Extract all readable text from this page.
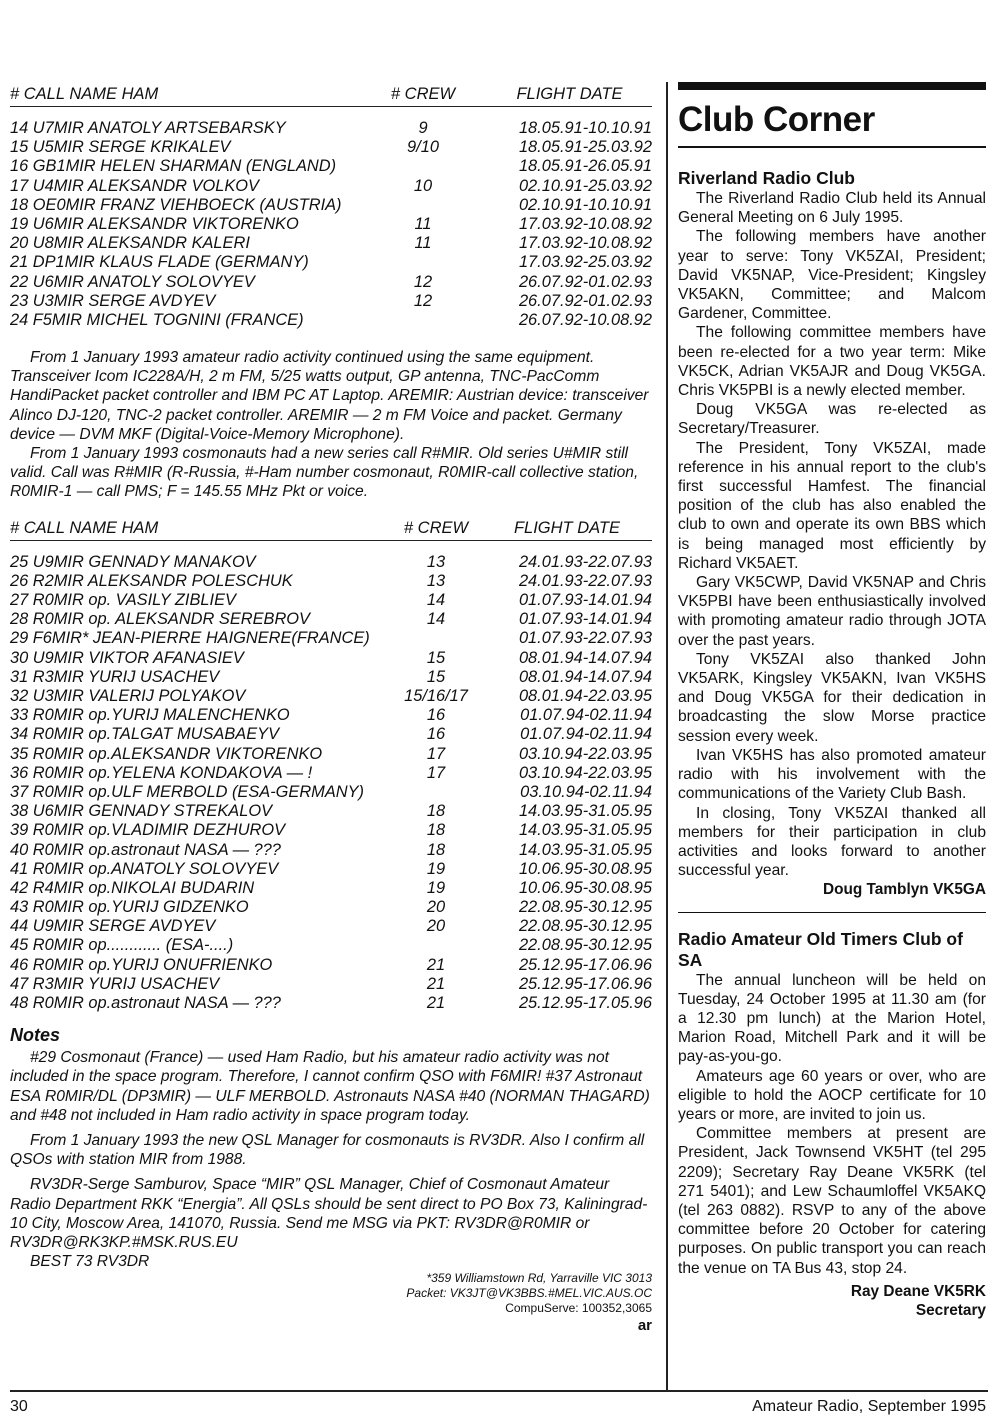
# CALL NAME HAM	# CREW	FLIGHT DATE
14 U7MIR ANATOLY ARTSEBARSKY	9	18.05.91-10.10.91
15 U5MIR SERGE KRIKALEV	9/10	18.05.91-25.03.92
16 GB1MIR HELEN SHARMAN (ENGLAND)	18.05.91-26.05.91
17 U4MIR ALEKSANDR VOLKOV	10	02.10.91-25.03.92
18 OE0MIR FRANZ VIEHBOECK (AUSTRIA)	02.10.91-10.10.91
19 U6MIR ALEKSANDR VIKTORENKO	11	17.03.92-10.08.92
20 U8MIR ALEKSANDR KALERI	11	17.03.92-10.08.92
21 DP1MIR KLAUS FLADE (GERMANY)	17.03.92-25.03.92
22 U6MIR ANATOLY SOLOVYEV	12	26.07.92-01.02.93
23 U3MIR SERGE AVDYEV	12	26.07.92-01.02.93
24 F5MIR MICHEL TOGNINI (FRANCE)	26.07.92-10.08.92

From 1 January 1993 amateur radio activity continued using the same equipment. Transceiver Icom IC228A/H, 2 m FM, 5/25 watts output, GP antenna, TNC-PacComm HandiPacket packet controller and IBM PC AT Laptop. AREMIR: Austrian device: transceiver Alinco DJ-120, TNC-2 packet controller. AREMIR — 2 m FM Voice and packet. Germany device — DVM MKF (Digital-Voice-Memory Microphone).

From 1 January 1993 cosmonauts had a new series call R#MIR. Old series U#MIR still valid. Call was R#MIR (R-Russia, #-Ham number cosmonaut, R0MIR-call collective station, R0MIR-1 — call PMS; F = 145.55 MHz Pkt or voice.

# CALL NAME HAM	# CREW	FLIGHT DATE
25 U9MIR GENNADY MANAKOV	13	24.01.93-22.07.93
26 R2MIR ALEKSANDR POLESCHUK	13	24.01.93-22.07.93
27 R0MIR op. VASILY ZIBLIEV	14	01.07.93-14.01.94
28 R0MIR op. ALEKSANDR SEREBROV	14	01.07.93-14.01.94
29 F6MIR* JEAN-PIERRE HAIGNERE(FRANCE)	01.07.93-22.07.93
30 U9MIR VIKTOR AFANASIEV	15	08.01.94-14.07.94
31 R3MIR YURIJ USACHEV	15	08.01.94-14.07.94
32 U3MIR VALERIJ POLYAKOV	15/16/17	08.01.94-22.03.95
33 R0MIR op.YURIJ MALENCHENKO	16	01.07.94-02.11.94
34 R0MIR op.TALGAT MUSABAEYV	16	01.07.94-02.11.94
35 R0MIR op.ALEKSANDR VIKTORENKO	17	03.10.94-22.03.95
36 R0MIR op.YELENA KONDAKOVA — !	17	03.10.94-22.03.95
37 R0MIR op.ULF MERBOLD (ESA-GERMANY)	03.10.94-02.11.94
38 U6MIR GENNADY STREKALOV	18	14.03.95-31.05.95
39 R0MIR op.VLADIMIR DEZHUROV	18	14.03.95-31.05.95
40 R0MIR op.astronaut NASA — ???	18	14.03.95-31.05.95
41 R0MIR op.ANATOLY SOLOVYEV	19	10.06.95-30.08.95
42 R4MIR op.NIKOLAI BUDARIN	19	10.06.95-30.08.95
43 R0MIR op.YURIJ GIDZENKO	20	22.08.95-30.12.95
44 U9MIR SERGE AVDYEV	20	22.08.95-30.12.95
45 R0MIR op............ (ESA-....)	22.08.95-30.12.95
46 R0MIR op.YURIJ ONUFRIENKO	21	25.12.95-17.06.96
47 R3MIR YURIJ USACHEV	21	25.12.95-17.06.96
48 R0MIR op.astronaut NASA — ???	21	25.12.95-17.05.96
Notes

#29 Cosmonaut (France) — used Ham Radio, but his amateur radio activity was not included in the space program. Therefore, I cannot confirm QSO with F6MIR! #37 Astronaut ESA R0MIR/DL (DP3MIR) — ULF MERBOLD. Astronauts NASA #40 (NORMAN THAGARD) and #48 not included in Ham radio activity in space program today.

From 1 January 1993 the new QSL Manager for cosmonauts is RV3DR. Also I confirm all QSOs with station MIR from 1988.

RV3DR-Serge Samburov, Space “MIR” QSL Manager, Chief of Cosmonaut Amateur Radio Department RKK “Energia”. All QSLs should be sent direct to PO Box 73, Kaliningrad-10 City, Moscow Area, 141070, Russia. Send me MSG via PKT: RV3DR@R0MIR or RV3DR@RK3KP.#MSK.RUS.EU

BEST 73 RV3DR

*359 Williamstown Rd, Yarraville VIC 3013
Packet: VK3JT@VK3BBS.#MEL.VIC.AUS.OC
CompuServe: 100352,3065
ar
Club Corner
Riverland Radio Club

The Riverland Radio Club held its Annual General Meeting on 6 July 1995.

The following members have another year to serve: Tony VK5ZAI, President; David VK5NAP, Vice-President; Kingsley VK5AKN, Committee; and Malcom Gardener, Committee.

The following committee members have been re-elected for a two year term: Mike VK5CK, Adrian VK5AJR and Doug VK5GA. Chris VK5PBI is a newly elected member.

Doug VK5GA was re-elected as Secretary/Treasurer.

The President, Tony VK5ZAI, made reference in his annual report to the club's first successful Hamfest. The financial position of the club has also enabled the club to own and operate its own BBS which is being managed most efficiently by Richard VK5AET.

Gary VK5CWP, David VK5NAP and Chris VK5PBI have been enthusiastically involved with promoting amateur radio through JOTA over the past years.

Tony VK5ZAI also thanked John VK5ARK, Kingsley VK5AKN, Ivan VK5HS and Doug VK5GA for their dedication in broadcasting the slow Morse practice session every week.

Ivan VK5HS has also promoted amateur radio with his involvement with the communications of the Variety Club Bash.

In closing, Tony VK5ZAI thanked all members for their participation in club activities and looks forward to another successful year.

Doug Tamblyn VK5GA
Radio Amateur Old Timers Club of SA

The annual luncheon will be held on Tuesday, 24 October 1995 at 11.30 am (for a 12.30 pm lunch) at the Marion Hotel, Marion Road, Mitchell Park and it will be pay-as-you-go.

Amateurs age 60 years or over, who are eligible to hold the AOCP certificate for 10 years or more, are invited to join us.

Committee members at present are President, Jack Townsend VK5HT (tel 295 2209); Secretary Ray Deane VK5RK (tel 271 5401); and Lew Schaumloffel VK5AKQ (tel 263 0882). RSVP to any of the above committee before 20 October for catering purposes. On public transport you can reach the venue on TA Bus 43, stop 24.

Ray Deane VK5RK
Secretary
30	Amateur Radio, September 1995
